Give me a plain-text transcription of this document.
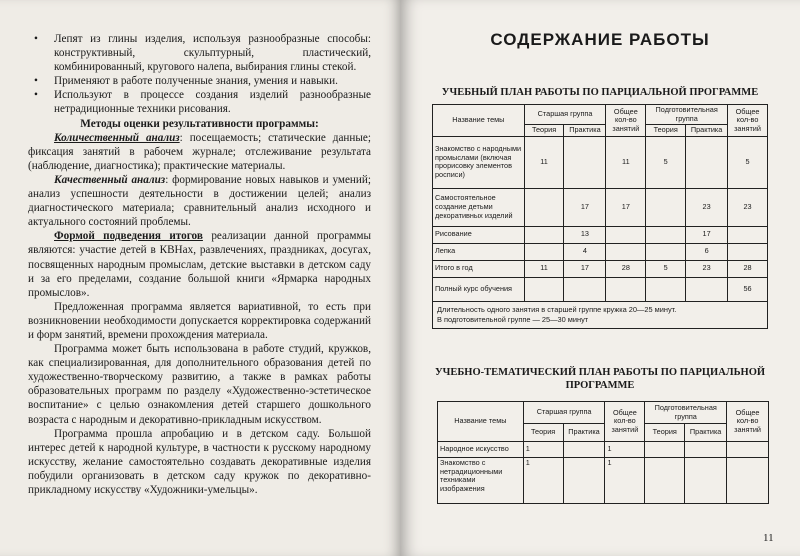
• Лепят из глины изделия, используя разнообразные способы: конструктивный, скульптурный, пластический, комбинированный, кругового налепа, выбирания глины стекой.
• Применяют в работе полученные знания, умения и навыки.
• Используют в процессе создания изделий разнообразные нетрадиционные техники рисования.

Методы оценки результативности программы:

Количественный анализ: посещаемость; статические данные; фиксация занятий в рабочем журнале; отслеживание результата (наблюдение, диагностика); практические материалы.

Качественный анализ: формирование новых навыков и умений; анализ успешности деятельности в достижении целей; анализ диагностического материала; сравнительный анализ исходного и актуального состояний проблемы.

Формой подведения итогов реализации данной программы являются: участие детей в КВНах, развлечениях, праздниках, досугах, посвященных народным промыслам, детские выставки в детском саду и за его пределами, создание большой книги «Ярмарка народных промыслов».

Предложенная программа является вариативной, то есть при возникновении необходимости допускается корректировка содержаний и форм занятий, времени прохождения материала.

Программа может быть использована в работе студий, кружков, как специализированная, для дополнительного образования детей по художественно-творческому развитию, а также в рамках работы образовательных программ по разделу «Художественно-эстетическое воспитание» с целью ознакомления детей старшего дошкольного возраста с народным и декоративно-прикладным искусством.

Программа прошла апробацию и в детском саду. Большой интерес детей к народной культуре, в частности к русскому народному искусству, желание самостоятельно создавать декоративные изделия побудили организовать в детском саду кружок по декоративно-прикладному искусству «Художники-умельцы».

СОДЕРЖАНИЕ РАБОТЫ
УЧЕБНЫЙ ПЛАН РАБОТЫ ПО ПАРЦИАЛЬНОЙ ПРОГРАММЕ
Название темы	Старшая группа		Общее кол-во занятий	Подготовительная группа		Общее кол-во занятий
	Теория	Практика		Теория	Практика	
Знакомство с народными промыслами (включая прорисовку элементов росписи)	11		11	5		5
Самостоятельное создание детьми декоративных изделий		17	17		23	23
Рисование		13			17	
Лепка		4			6	
Итого в год	11	17	28	5	23	28
Полный курс обучения						56

Длительность одного занятия в старшей группе кружка 20—25 минут.
В подготовительной группе — 25—30 минут						
УЧЕБНО-ТЕМАТИЧЕСКИЙ ПЛАН РАБОТЫ ПО ПАРЦИАЛЬНОЙ
ПРОГРАММЕ
Название темы	Старшая группа		Общее кол-во занятий	Подготовительная группа		Общее кол-во занятий
	Теория	Практика		Теория	Практика	
Народное искусство	1		1			
Знакомство с нетрадиционными техниками изображения	1		1			
11
